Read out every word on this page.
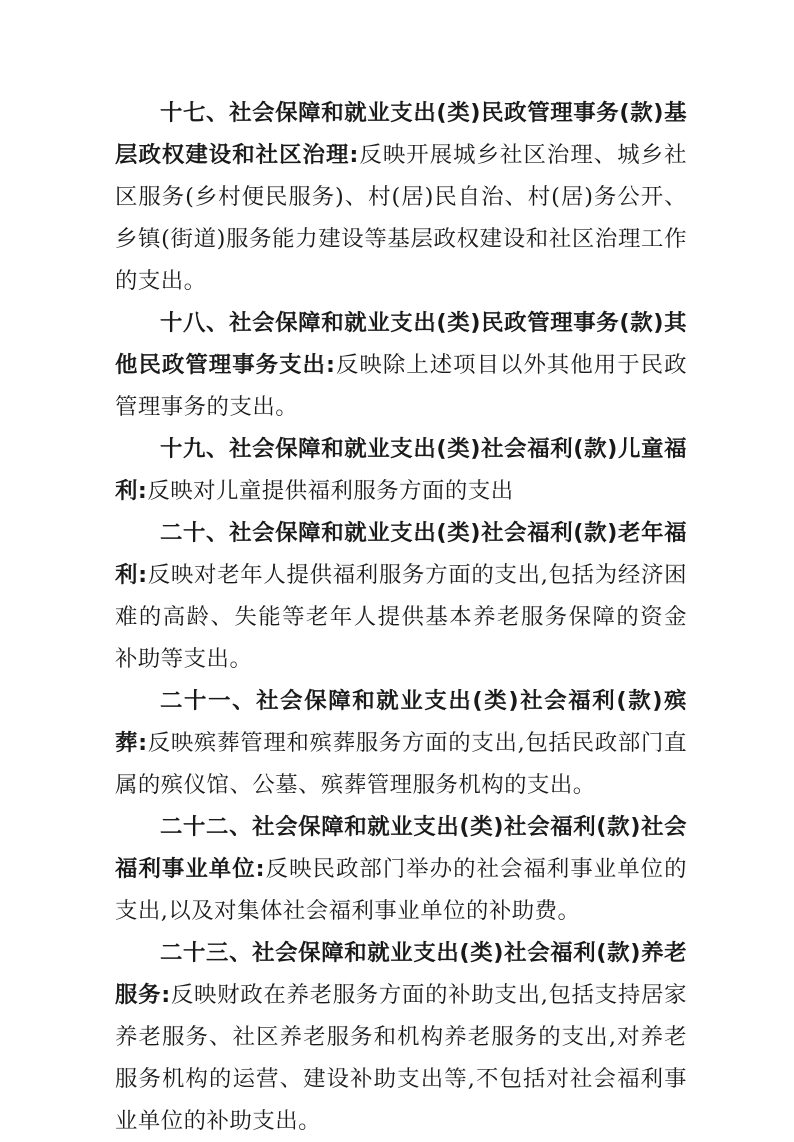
十七、社会保障和就业支出(类)民政管理事务(款)基层政权建设和社区治理:反映开展城乡社区治理、城乡社区服务(乡村便民服务)、村(居)民自治、村(居)务公开、乡镇(街道)服务能力建设等基层政权建设和社区治理工作的支出。

十八、社会保障和就业支出(类)民政管理事务(款)其他民政管理事务支出:反映除上述项目以外其他用于民政管理事务的支出。

十九、社会保障和就业支出(类)社会福利(款)儿童福利:反映对儿童提供福利服务方面的支出

二十、社会保障和就业支出(类)社会福利(款)老年福利:反映对老年人提供福利服务方面的支出,包括为经济困难的高龄、失能等老年人提供基本养老服务保障的资金补助等支出。

二十一、社会保障和就业支出(类)社会福利(款)殡葬:反映殡葬管理和殡葬服务方面的支出,包括民政部门直属的殡仪馆、公墓、殡葬管理服务机构的支出。

二十二、社会保障和就业支出(类)社会福利(款)社会福利事业单位:反映民政部门举办的社会福利事业单位的支出,以及对集体社会福利事业单位的补助费。

二十三、社会保障和就业支出(类)社会福利(款)养老服务:反映财政在养老服务方面的补助支出,包括支持居家养老服务、社区养老服务和机构养老服务的支出,对养老服务机构的运营、建设补助支出等,不包括对社会福利事业单位的补助支出。
